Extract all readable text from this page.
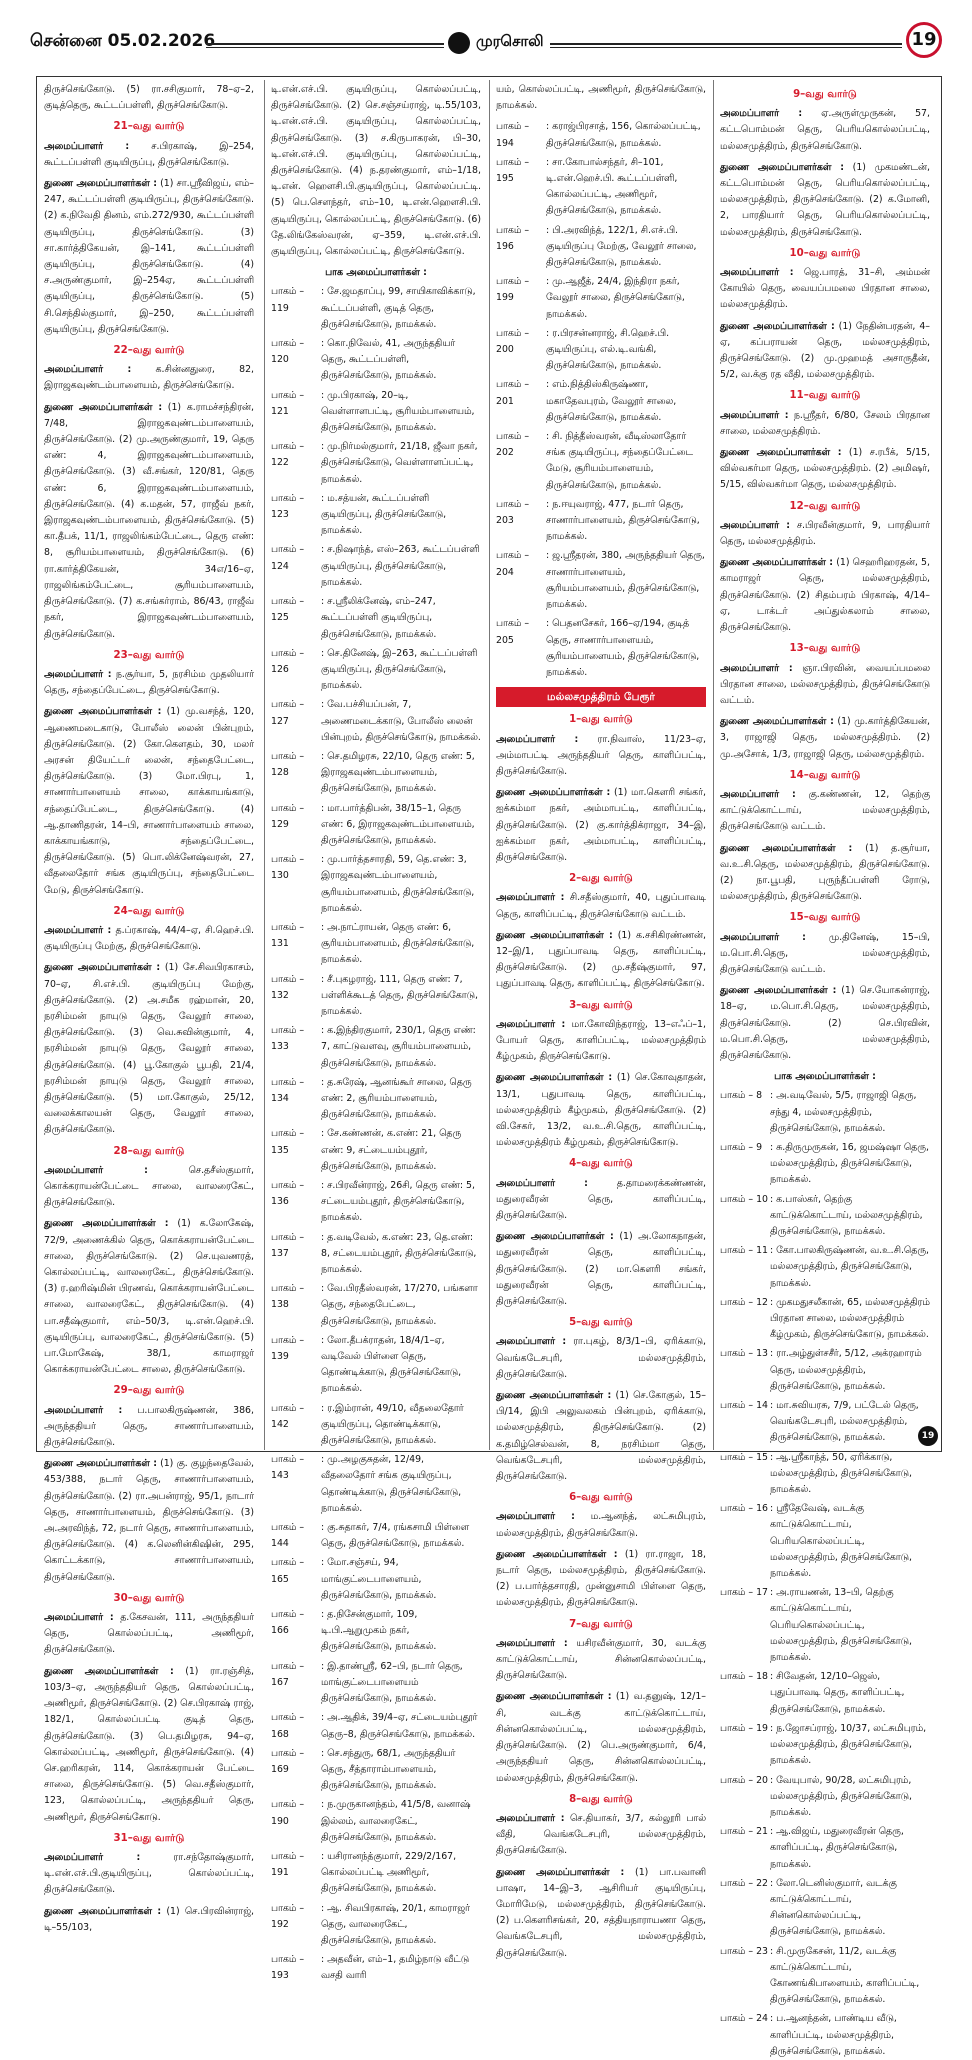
சென்னை 05.02.2026	முரசொலி	19

திருச்செங்கோடு. (5) ரா.சசிகுமார், 78–ஏ–2, குடித்தெரு, கூட்டப்பள்ளி, திருச்செங்கோடு.

21–வது வார்டு

அமைப்பாளர் : ச.பிரகாஷ், இ–254, கூட்டப்பள்ளி குடியிருப்பு, திருச்செங்கோடு.

துணை அமைப்பாளர்கள் : (1) சா.ஸ்ரீவிஜய், எம்–247, கூட்டப்பள்ளி குடியிருப்பு, திருச்செங்கோடு. (2) க.நிவேதி தினம், எம்.272/930, கூட்டப்பள்ளி குடியிருப்பு, திருச்செங்கோடு. (3) சா.கார்த்திகேயன், இ–141, கூட்டப்பள்ளி குடியிருப்பு, திருச்செங்கோடு. (4) ச.அருண்குமார், இ–254ஏ, கூட்டப்பள்ளி குடியிருப்பு, திருச்செங்கோடு. (5) சி.செந்தில்குமார், இ–250, கூட்டப்பள்ளி குடியிருப்பு, திருச்செங்கோடு.

22–வது வார்டு

அமைப்பாளர் :	க.சின்னதுரை, 82, இராஜகவுண்டம்பாளையம், திருச்செங்கோடு.

துணை அமைப்பாளர்கள் : (1) க.ராமச்சந்திரன், 7/48, இராஜகவுண்டம்பாளையம், திருச்செங்கோடு. (2) மு.அருண்குமார், 19, தெரு எண்: 4, இராஜகவுண்டம்பாளையம், திருச்செங்கோடு. (3) வீ.சங்கர், 120/81, தெரு எண்: 6, இராஜகவுண்டம்பாளையம், திருச்செங்கோடு. (4) க.மதன், 57, ராஜீவ் நகர், இராஜகவுண்டம்பாளையம், திருச்செங்கோடு. (5) கா.தீபக், 11/1, ராஜலிங்கம்பேட்டை, தெரு எண்: 8, சூரியம்பாளையம், திருச்செங்கோடு. (6) ரா.கார்த்திகேயன், 34எ/16–ஏ, ராஜலிங்கம்பேட்டை, சூரியம்பாளையம், திருச்செங்கோடு. (7) க.சங்கர்ராம், 86/43, ராஜீவ் நகர், இராஜகவுண்டம்பாளையம், திருச்செங்கோடு.

23–வது வார்டு

அமைப்பாளர் : ந.சூர்யா, 5, நரசிம்ம முதலியார் தெரு, சந்தைப்பேட்டை, திருச்செங்கோடு.

துணை அமைப்பாளர்கள் : (1) மு.வசந்த், 120, ஆணைமடைகாடு, போலீஸ் லைன் பின்புறம், திருச்செங்கோடு. (2) கோ.கௌதம், 30, மலர் அரசன் தியேட்டர் லைன், சந்தைபேட்டை, திருச்செங்கோடு. (3) மோ.பிரபு, 1, சாணார்பாளையம் சாலை, காக்காயங்காடு, சந்தைப்பேட்டை, திருச்செங்கோடு. (4) ஆ.தாணிதரன், 14–பி, சாணார்பாளையம் சாலை, காக்காயங்காடு, சந்தைப்பேட்டை, திருச்செங்கோடு. (5) பொ.லிக்னேஷ்வரன், 27, வீதலைதோர் சங்க குடியிருப்பு, சந்தைபேட்டை மேடு, திருச்செங்கோடு.

24–வது வார்டு

அமைப்பாளர் : த.ப்ரகாஷ், 44/4–ஏ, சி.ஹெச்.பி. குடியிருப்பு மேற்கு, திருச்செங்கோடு.

துணை அமைப்பாளர்கள் : (1) சே.சிவபிரகாசம், 70–ஏ, சி.எச்.பி. குடியிருப்பு மேற்கு, திருச்செங்கோடு. (2) அ.சமீக ரஹ்மான், 20, நரசிம்மன் நாயுடு தெரு, வேலூர் சாலை, திருச்செங்கோடு. (3) வெ.சுவின்குமார், 4, நரசிம்மன் நாயுடு தெரு, வேலூர் சாலை, திருச்செங்கோடு. (4) பூ.கோகுல் பூபதி, 21/4, நரசிம்மன் நாயுடு தெரு, வேலூர் சாலை, திருச்செங்கோடு. (5) மா.கோகுல், 25/12, வலைக்காலயன் தெரு, வேலூர் சாலை, திருச்செங்கோடு.

28–வது வார்டு

அமைப்பாளர் :	செ.தசீஸ்குமார், கொக்கராயன்பேட்டை சாலை, வாலரைகேட், திருச்செங்கோடு.

துணை அமைப்பாளர்கள் : (1) க.லோகேஷ், 72/9, அணைக்கில் தெரு, கொக்கராயன்பேட்டை சாலை, திருச்செங்கோடு. (2) செ.யுவணரத், கொல்லப்பட்டி, வாலரைகேட், திருச்செங்கோடு. (3) ர.ஹரிஷ்மின் பிரணவ், கொக்கராயன்பேட்டை சாலை, வாலரைகேட், திருச்செங்கோடு. (4) பா.சதீஷ்குமார், எம்–50/3, டி.என்.ஹெச்.பி. குடியிருப்பு, வாலரைகேட், திருச்செங்கோடு. (5) பா.மோகேஷ், 38/1, காமராஜர் கொக்கராயன்பேட்டை சாலை, திருச்செங்கோடு.

29–வது வார்டு

அமைப்பாளர் : ப.பாலகிருஷ்ணன், 386, அருந்ததியர் தெரு, சாணார்பாளையம், திருச்செங்கோடு.

துணை அமைப்பாளர்கள் : (1) கு. குழந்தைவேல், 453/388, நடார் தெரு, சாணார்பாளையம், திருச்செங்கோடு. (2) ரா.அபன்ராஜ், 95/1, நாடார் தெரு, சாணார்பாளையம், திருச்செங்கோடு. (3) அ.அரவிந்த், 72, நடார் தெரு, சாணார்பாளையம், திருச்செங்கோடு. (4) க.லெனின்கிஷின், 295, கொட்டக்காடு, சாணார்பாளையம், திருச்செங்கோடு.

30–வது வார்டு

அமைப்பாளர் : த.கேசவன், 111, அருந்ததியர் தெரு, கொல்லப்பட்டி, அணிமூர், திருச்செங்கோடு.

துணை அமைப்பாளர்கள் : (1) ரா.ரஞ்சித், 103/3–ஏ, அருந்ததியர் தெரு, கொல்லப்பட்டி, அணிமூர், திருச்செங்கோடு. (2) செ.பிரகாஷ் ராஜ், 182/1, கொல்லப்பட்டி குடித் தெரு, திருச்செங்கோடு. (3) பெ.தமிழரசு, 94–ஏ, கொல்லப்பட்டி, அணிமூர், திருச்செங்கோடு. (4) செ.ஹரிகரன், 114, கொக்கராயன் பேட்டை சாலை, திருச்செங்கோடு. (5) வெ.சதீஸ்குமார், 123, கொல்லப்பட்டி, அருந்ததியர் தெரு, அணிமூர், திருச்செங்கோடு.

31–வது வார்டு

அமைப்பாளர் :	ரா.சந்தோஷ்குமார், டி.என்.எச்.பி.குடியிருப்பு, கொல்லப்பட்டி, திருச்செங்கோடு.

துணை அமைப்பாளர்கள் : (1) செ.பிரவின்ராஜ், டி–55/103,

டி.என்.எச்.பி. குடியிருப்பு, கொல்லப்பட்டி, திருச்செங்கோடு. (2) செ.சஞ்சய்ராஜ், டி.55/103, டி.என்.எச்.பி. குடியிருப்பு, கொல்லப்பட்டி, திருச்செங்கோடு. (3) ச.கிருபாகரன், பி–30, டி.என்.எச்.பி. குடியிருப்பு, கொல்லப்பட்டி, திருச்செங்கோடு. (4) ந.தரண்குமார், எம்–1/18, டி.என். ஹௌசி.பி.குடியிருப்பு, கொல்லப்பட்டி. (5) பெ.சௌந்தர், எம்–10, டி.என்.ஹௌசி.பி. குடியிருப்பு, கொல்லப்பட்டி, திருச்செங்கோடு. (6) தே.லிங்கேஸ்வரன், ஏ–359, டி.என்.எச்.பி. குடியிருப்பு, கொல்லப்பட்டி, திருச்செங்கோடு.

பாக அமைப்பாளர்கள் :
பாகம் – 119
: சே.ஜமதாப்பு, 99, சாயிகாவிக்காடு, கூட்டப்பள்ளி, குடித் தெரு, திருச்செங்கோடு, நாமக்கல்.
பாகம் – 120
: கொ.நிவேல், 41, அருந்ததியர் தெரு, கூட்டப்பள்ளி, திருச்செங்கோடு, நாமக்கல்.
பாகம் – 121
: மு.பிரகாஷ், 20–டி, வெள்ளாளபட்டி, சூரியம்பாளையம், திருச்செங்கோடு, நாமக்கல்.
பாகம் – 122
: மு.நிர்மல்குமார், 21/18, ஜீவா நகர், திருச்செங்கோடு, வெள்ளாளப்பட்டி, நாமக்கல்.
பாகம் – 123
: ம.சத்யன், கூட்டப்பள்ளி குடியிருப்பு, திருச்செங்கோடு, நாமக்கல்.
பாகம் – 124
: ச.நிஷாந்த், எஸ்–263, கூட்டப்பள்ளி குடியிருப்பு, திருச்செங்கோடு, நாமக்கல்.
பாகம் – 125
: ச.ஸ்ரீலிக்னேஷ், எம்–247, கூட்டப்பள்ளி குடியிருப்பு, திருச்செங்கோடு, நாமக்கல்.
பாகம் – 126
: செ.தினேஷ், இ–263, கூட்டப்பள்ளி குடியிருப்பு, திருச்செங்கோடு, நாமக்கல்.
பாகம் – 127
: வே.பச்சியப்பன், 7, அணைமடைக்காடு, போலீஸ் லைன் பின்புறம், திருச்செங்கோடு, நாமக்கல்.
பாகம் – 128
: செ.தமிழரசு, 22/10, தெரு எண்: 5, இராஜகவுண்டம்பாளையம், திருச்செங்கோடு, நாமக்கல்.
பாகம் – 129
: மா.பார்த்திபன், 38/15–1, தெரு எண்: 6, இராஜகவுண்டம்பாளையம், திருச்செங்கோடு, நாமக்கல்.
பாகம் – 130
: மு.பார்த்தசாரதி, 59, தெ.எண்: 3, இராஜகவுண்டம்பாளையம், சூரியம்பாளையம், திருச்செங்கோடு, நாமக்கல்.
பாகம் – 131
: அ.நாட்ராயன், தெரு எண்: 6, சூரியம்பாளையம், திருச்செங்கோடு, நாமக்கல்.
பாகம் – 132
: சீ.புகழராஜ், 111, தெரு எண்: 7, பள்ளிக்கூடத் தெரு, திருச்செங்கோடு, நாமக்கல்.
பாகம் – 133
: க.இந்திரகுமார், 230/1, தெரு எண்: 7, காட்டுவளவு, சூரியம்பாளையம், திருச்செங்கோடு, நாமக்கல்.
பாகம் – 134
: த.சுரேஷ், ஆனங்கூர் சாலை, தெரு எண்: 2, சூரியம்பாளையம், திருச்செங்கோடு, நாமக்கல்.
பாகம் – 135
: சே.கண்ணன், க.எண்: 21, தெரு எண்: 9, சட்டையம்புதூர், திருச்செங்கோடு, நாமக்கல்.
பாகம் – 136
: ச.பிரவீன்ராஜ், 26சி, தெரு எண்: 5, சட்டையம்புதூர், திருச்செங்கோடு, நாமக்கல்.
பாகம் – 137
: த.வடிவேல், க.எண்: 23, தெ.எண்: 8, சட்டையம்புதூர், திருச்செங்கோடு, நாமக்கல்.
பாகம் – 138
: வே.பிரதீஸ்வரன், 17/270, பங்களா தெரு, சந்தைபேட்டை, திருச்செங்கோடு, நாமக்கல்.
பாகம் – 139
: லோ.தீபக்ராதன், 18/4/1–ஏ, வடிவேல் பிள்ளை தெரு, தொண்டிக்காடு, திருச்செங்கோடு, நாமக்கல்.
பாகம் – 142
: ர.இம்ரான், 49/10, வீதலைதோர் குடியிருப்பு, தொண்டிக்காடு, திருச்செங்கோடு, நாமக்கல்.
பாகம் – 143
: மு.அழகுசுதன், 12/49, வீதலைதோர் சங்க குடியிருப்பு, தொண்டிக்காடு, திருச்செங்கோடு, நாமக்கல்.
பாகம் – 144
: கு.சுதாகர், 7/4, ரங்கசாமி பிள்ளை தெரு, திருச்செங்கோடு, நாமக்கல்.
பாகம் – 165
: மோ.சஞ்சய், 94, மாங்குட்டைபாளையம், திருச்செங்கோடு, நாமக்கல்.
பாகம் – 166
: த.நிசேன்குமார், 109, டி.பி.ஆறுமுகம் நகர், திருச்செங்கோடு, நாமக்கல்.
பாகம் – 167
: இ.தாண்ஸ்ரீ, 62–பி, நடார் தெரு, மாங்குட்டைபாளையம் திருச்செங்கோடு, நாமக்கல்.
பாகம் – 168
: அ.ஆதிக், 39/4–ஏ, சட்டையம்புதூர் தெரு–8, திருச்செங்கோடு, நாமக்கல்.
பாகம் – 169
: செ.சந்துரு, 68/1, அருந்ததியர் தெரு, சீத்தாராம்பாளையம், திருச்செங்கோடு, நாமக்கல்.
பாகம் – 190
: ந.முருகானந்தம், 41/5/8, வனாஷ் இல்லம், வாலரைகேட், திருச்செங்கோடு, நாமக்கல்.
பாகம் – 191
: யசிரானந்த்குமார், 229/2/167, கொல்லப்பட்டி அணிமூர், திருச்செங்கோடு, நாமக்கல்.
பாகம் – 192
: ஆ. சிவபிரகாஷ், 20/1, காமராஜர் தெரு, வாலரைகேட், திருச்செங்கோடு, நாமக்கல்.
பாகம் – 193
: அதவீன், எம்–1, தமிழ்நாடு வீட்டு வசதி வாரி

யம், கொல்லப்பட்டி, அணிமூர், திருச்செங்கோடு, நாமக்கல்.

பாகம் – 194
: கராஜ்பிரசாத், 156, கொல்லப்பட்டி, திருச்செங்கோடு, நாமக்கல்.
பாகம் – 195
: சா.கோபால்சந்தர், சி–101, டி.என்.ஹெச்.பி. கூட்டப்பள்ளி, கொல்லப்பட்டி, அணிமூர், திருச்செங்கோடு, நாமக்கல்.
பாகம் – 196
: பி.அரவிந்த், 122/1, சி.எச்.பி. குடியிருப்பு மேற்கு, வேலூர் சாலை, திருச்செங்கோடு, நாமக்கல்.
பாகம் – 199
: மு.ஆஜீத், 24/4, இந்திரா நகர், வேலூர் சாலை, திருச்செங்கோடு, நாமக்கல்.
பாகம் – 200
: ர.பிரசன்னராஜ், சி.ஹெச்.பி. குடியிருப்பு, எல்.டி.வங்கி, திருச்செங்கோடு, நாமக்கல்.
பாகம் – 201
: எம்.நித்திஸ்கிருஷ்ணா, மகாதேவபுரம், வேலூர் சாலை, திருச்செங்கோடு, நாமக்கல்.
பாகம் – 202
: சி. நித்தீஸ்வரன், வீடிஸ்லாதோர் சங்க குடியிருப்பு, சந்தைப்பேட்டை மேடு, சூரியம்பாளையம், திருச்செங்கோடு, நாமக்கல்.
பாகம் – 203
: ந.ஈயுவராஜ், 477, நடார் தெரு, சாணார்பாளையம், திருச்செங்கோடு, நாமக்கல்.
பாகம் – 204
: ஜ.ஸ்ரீதரன், 380, அருந்ததியர் தெரு, சாணார்பாளையம், சூரியம்பாளையம், திருச்செங்கோடு, நாமக்கல்.
பாகம் – 205
: பெதனசேகர், 166–ஏ/194, குடித் தெரு, சாணார்பாளையம், சூரியம்பாளையம், திருச்செங்கோடு, நாமக்கல்.
மல்லசமுத்திரம் பேரூர்
1–வது வார்டு

அமைப்பாளர் : ரா.நிவாஸ், 11/23–ஏ, அம்மாபட்டி அருந்ததியர் தெரு, காளிப்பட்டி, திருச்செங்கோடு.

துணை அமைப்பாளர்கள் : (1) மா.கௌரி சங்கர், ஐக்கம்மா நகர், அம்மாபட்டி, காளிப்பட்டி, திருச்செங்கோடு. (2) கு.கார்த்திக்ராஜா, 34–இ, ஐக்கம்மா நகர், அம்மாபட்டி, காளிப்பட்டி, திருச்செங்கோடு.

2–வது வார்டு

அமைப்பாளர் : சி.சதீஸ்குமார், 40, புதுப்பாவடி தெரு, காளிப்பட்டி, திருச்செங்கோடு வட்டம்.

துணை அமைப்பாளர்கள் : (1) க.சசிகிரண்ணன், 12–இ/1, புதுப்பாவடி தெரு, காளிப்பட்டி, திருச்செங்கோடு. (2) மு.சதீஷ்குமார், 97, புதுப்பாவடி தெரு, காளிப்பட்டி, திருச்செங்கோடு.

3–வது வார்டு

அமைப்பாளர் : மா.கோவிந்தராஜ், 13–எஃப்–1, போயர் தெரு, காளிப்பட்டி, மல்லசமுத்திரம் கீழ்முகம், திருச்செங்கோடு.

துணை அமைப்பாளர்கள் : (1) செ.கோவுதாதன், 13/1, புதுபாவடி தெரு, காளிப்பட்டி, மல்லசமுத்திரம் கீழ்முகம், திருச்செங்கோடு. (2) வி.சேகர், 13/2, வ.உ.சி.தெரு, காளிப்பட்டி, மல்லசமுத்திரம் கீழ்முகம், திருச்செங்கோடு.

4–வது வார்டு

அமைப்பாளர் :	த.தாமரைக்கண்ணன், மதுரைவீரன் தெரு, காளிப்பட்டி, திருச்செங்கோடு.

துணை அமைப்பாளர்கள் : (1) அ.லோகநாதன், மதுரைவீரன் தெரு, காளிப்பட்டி, திருச்செங்கோடு. (2) மா.கௌரி சங்கர், மதுரைவீரன் தெரு, காளிப்பட்டி, திருச்செங்கோடு.

5–வது வார்டு

அமைப்பாளர் : ரா.புகழ், 8/3/1–பி, ஏரிக்காடு, வெங்கடேசபுரி, மல்லசமுத்திரம், திருச்செங்கோடு.

துணை அமைப்பாளர்கள் : (1) செ.கோகுல், 15–பி/14, இபி அலுவலகம் பின்புறம், ஏரிக்காடு, மல்லசமுத்திரம், திருச்செங்கோடு. (2) க.தமிழ்செல்வன், 8, நரசிம்மா தெரு, வெங்கடேசபுரி, மல்லசமுத்திரம், திருச்செங்கோடு.

6–வது வார்டு

அமைப்பாளர் : ம.ஆனந்த், லட்சுமிபுரம், மல்லசமுத்திரம், திருச்செங்கோடு.

துணை அமைப்பாளர்கள் : (1) ரா.ராஜா, 18, நடார் தெரு, மல்லசமுத்திரம், திருச்செங்கோடு. (2) ப.பார்த்தசாரதி, முன்னுசாமி பிள்ளை தெரு, மல்லசமுத்திரம், திருச்செங்கோடு.

7–வது வார்டு

அமைப்பாளர் : யசிரவீன்குமார், 30, வடக்கு காட்டுக்கொட்டாய், சின்னகொல்லப்பட்டி, திருச்செங்கோடு.

துணை அமைப்பாளர்கள் : (1) வ.தனுஷ், 12/1–சி, வடக்கு காட்டுக்கொட்டாய், சின்னகொல்லப்பட்டி, மல்லசமுத்திரம், திருச்செங்கோடு. (2) பெ.அருண்குமார், 6/4, அருந்ததியர் தெரு, சின்னகொல்லப்பட்டி, மல்லசமுத்திரம், திருச்செங்கோடு.

8–வது வார்டு

அமைப்பாளர் : செ.தியாகர், 3/7, கல்லூரி பால் வீதி, வெங்கடேசபுரி, மல்லசமுத்திரம், திருச்செங்கோடு.

துணை அமைப்பாளர்கள் : (1) பா.பவானி பாஷா, 14–இ–3, ஆசிரியர் குடியிருப்பு, மோரிமேடு, மல்லசமுத்திரம், திருச்செங்கோடு. (2) ப.கௌரிசங்கர், 20, சத்தியநாராயணா தெரு, வெங்கடேசபுரி, மல்லசமுத்திரம், திருச்செங்கோடு.

9–வது வார்டு

அமைப்பாளர் : ஏ.அருள்முருகன், 57, கட்டபொம்மன் தெரு, பெரியகொல்லப்பட்டி, மல்லசமுத்திரம், திருச்செங்கோடு.

துணை அமைப்பாளர்கள் : (1) முகமண்டன், கட்டபொம்மன் தெரு, பெரியகொல்லப்பட்டி, மல்லசமுத்திரம், திருச்செங்கோடு. (2) க.மோனி, 2, பாரதியார் தெரு, பெரியகொல்லப்பட்டி, மல்லசமுத்திரம், திருச்செங்கோடு.

10–வது வார்டு

அமைப்பாளர் : ஜெ.பாரத், 31–சி, அம்மன் கோயில் தெரு, வையப்பமலை பிரதான சாலை, மல்லசமுத்திரம்.

துணை அமைப்பாளர்கள் : (1) நேதின்பரதன், 4–ஏ, கப்பராயன் தெரு, மல்லசமுத்திரம், திருச்செங்கோடு. (2) மு.முஹமத் அசாருதீன், 5/2, வ.க்கு ரத வீதி, மல்லசமுத்திரம்.

11–வது வார்டு

அமைப்பாளர் : ந.ஸ்ரீதர், 6/80, சேலம் பிரதான சாலை, மல்லசமுத்திரம்.

துணை அமைப்பாளர்கள் : (1) ச.ரபீக், 5/15, வில்வகர்மா தெரு, மல்லசமுத்திரம். (2) அமிஷர், 5/15, வில்வகர்மா தெரு, மல்லசமுத்திரம்.

12–வது வார்டு

அமைப்பாளர் : ச.பிரவீன்குமார், 9, பாரதியார் தெரு, மல்லசமுத்திரம்.

துணை அமைப்பாளர்கள் : (1) செஹரிஹரதன், 5, காமராஜர் தெரு, மல்லசமுத்திரம், திருச்செங்கோடு. (2) சிதம்பரம் பிரகாஷ், 4/14–ஏ, டாக்டர் அப்துல்கலாம் சாலை, திருச்செங்கோடு.

13–வது வார்டு

அமைப்பாளர் : ஞா.பிரவின், வையப்பமலை பிரதான சாலை, மல்லசமுத்திரம், திருச்செங்கோடு வட்டம்.

துணை அமைப்பாளர்கள் : (1) மு.கார்த்திகேயன், 3, ராஜாஜி தெரு, மல்லசமுத்திரம். (2) மு.அசோக், 1/3, ராஜாஜி தெரு, மல்லசமுத்திரம்.

14–வது வார்டு

அமைப்பாளர் : கு.கண்ணன், 12, தெற்கு காட்டுக்கொட்டாய், மல்லசமுத்திரம், திருச்செங்கோடு வட்டம்.

துணை அமைப்பாளர்கள் : (1) த.சூர்யா, வ.உ.சி.தெரு, மல்லசமுத்திரம், திருச்செங்கோடு. (2) நா.பூபதி, புருந்தீப்பள்ளி ரோடு, மல்லசமுத்திரம், திருச்செங்கோடு.

15–வது வார்டு

அமைப்பாளர் : மு.தினேஷ், 15–பி, ம.பொ.சி.தெரு, மல்லசமுத்திரம், திருச்செங்கோடு வட்டம்.

துணை அமைப்பாளர்கள் : (1) செ.யோகன்ராஜ், 18–ஏ, ம.பொ.சி.தெரு, மல்லசமுத்திரம், திருச்செங்கோடு. (2) செ.பிரவின், ம.பொ.சி.தெரு, மல்லசமுத்திரம், திருச்செங்கோடு.

பாக அமைப்பாளர்கள் :
பாகம் – 8 : அ.வடிவேல், 5/5, ராஜாஜி தெரு, சந்து 4, மல்லசமுத்திரம், திருச்செங்கோடு, நாமக்கல்.
பாகம் – 9 : சு.திருமுருகன், 16, ஜமஷ்ஷா தெரு, மல்லசமுத்திரம், திருச்செங்கோடு, நாமக்கல்.
பாகம் – 10 : க.பாஸ்கர், தெற்கு காட்டுக்கொட்டாய், மல்லசமுத்திரம், திருச்செங்கோடு, நாமக்கல்.
பாகம் – 11 : கோ.பாலகிருஷ்ணன், வ.உ.சி.தெரு, மல்லசமுத்திரம், திருச்செங்கோடு, நாமக்கல்.
பாகம் – 12 : முகமதுசலீகான், 65, மல்லசமுத்திரம் பிரதான சாலை, மல்லசமுத்திரம் கீழ்முகம், திருச்செங்கோடு, நாமக்கல்.
பாகம் – 13 : ரா.அழ்துள்சசீர், 5/12, அக்ரஹாரம் தெரு, மல்லசமுத்திரம், திருச்செங்கோடு, நாமக்கல்.
பாகம் – 14 : மா.சுவியரசு, 7/9, பட்டேல் தெரு, வெங்கடேசபுரி, மல்லசமுத்திரம், திருச்செங்கோடு, நாமக்கல்.
பாகம் – 15 : ஆ.ஸ்ரீகாந்த், 50, ஏரிக்காடு, மல்லசமுத்திரம், திருச்செங்கோடு, நாமக்கல்.
பாகம் – 16 : ஸ்ரீதேவேஷ், வடக்கு காட்டுக்கொட்டாய், பெரியகொல்லப்பட்டி, மல்லசமுத்திரம், திருச்செங்கோடு, நாமக்கல்.
பாகம் – 17 : அ.ராயணன், 13–பி, தெற்கு காட்டுக்கொட்டாய், பெரியகொல்லப்பட்டி, மல்லசமுத்திரம், திருச்செங்கோடு, நாமக்கல்.
பாகம் – 18 : சிவேதன், 12/10–ஜெஸ், புதுப்பாவடி தெரு, காளிப்பட்டி, திருச்செங்கோடு, நாமக்கல்.
பாகம் – 19 : ந.ஜோசப்ராஜ், 10/37, லட்சுமிபுரம், மல்லசமுத்திரம், திருச்செங்கோடு, நாமக்கல்.
பாகம் – 20 : வேயுபால், 90/28, லட்சுமிபுரம், மல்லசமுத்திரம், திருச்செங்கோடு, நாமக்கல்.
பாகம் – 21 : ஆ.விஜய், மதுரைவீரன் தெரு, காளிப்பட்டி, திருச்செங்கோடு, நாமக்கல்.
பாகம் – 22 : லோ.டெனிஸ்குமார், வடக்கு காட்டுக்கொட்டாய், சின்னகொல்லப்பட்டி, திருச்செங்கோடு, நாமக்கல்.
பாகம் – 23 : சி.முருகேசன், 11/2, வடக்கு காட்டுக்கொட்டாய், கோணங்கிபாளையம், காளிப்பட்டி, திருச்செங்கோடு, நாமக்கல்.
பாகம் – 24 : ப.ஆனந்தன், பாண்டிய வீடு, காளிப்பட்டி, மல்லசமுத்திரம், திருச்செங்கோடு, நாமக்கல்.
19
